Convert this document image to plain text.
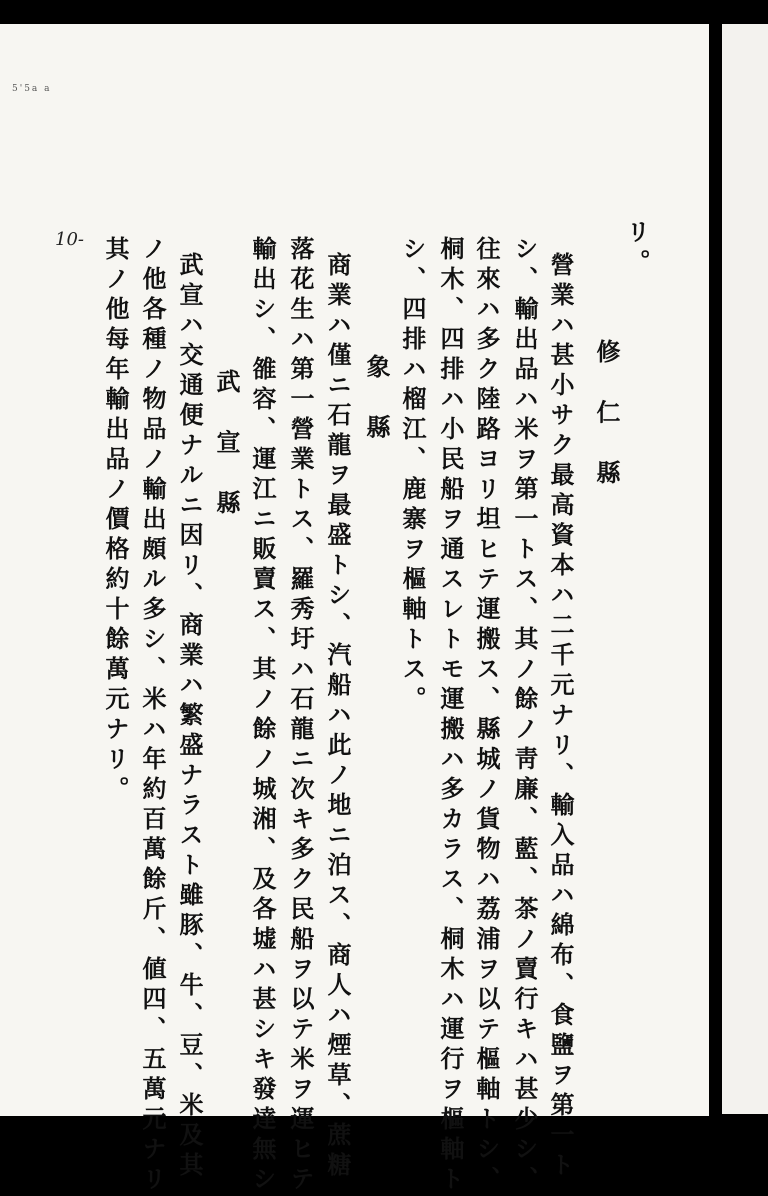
5'5a a
10-	リ。
修 仁 縣
營業ハ甚小サク最高資本ハ二千元ナリ、輸入品ハ綿布、食鹽ヲ第一ト
シ、輸出品ハ米ヲ第一トス、其ノ餘ノ靑廉、藍、茶ノ賣行キハ甚少シ、
往來ハ多ク陸路ヨリ坦ヒテ運搬ス、縣城ノ貨物ハ荔浦ヲ以テ樞軸トシ、
桐木、四排ハ小民船ヲ通スレトモ運搬ハ多カラス、桐木ハ運行ヲ樞軸ト
シ、四排ハ榴江、鹿寨ヲ樞軸トス。
象 縣
商業ハ僅ニ石龍ヲ最盛トシ、汽船ハ此ノ地ニ泊ス、商人ハ煙草、蔗糖
落花生ハ第一營業トス、羅秀圩ハ石龍ニ次キ多ク民船ヲ以テ米ヲ運ヒテ
輸出シ、雒容、運江ニ販賣ス、其ノ餘ノ城湘、及各墟ハ甚シキ發達無シ
武 宣 縣
武宣ハ交通便ナルニ因リ、商業ハ繁盛ナラスト雖豚、牛、豆、米及其
ノ他各種ノ物品ノ輸出頗ル多シ、米ハ年約百萬餘斤、値四、五萬元ナリ
其ノ他每年輸出品ノ價格約十餘萬元ナリ。
